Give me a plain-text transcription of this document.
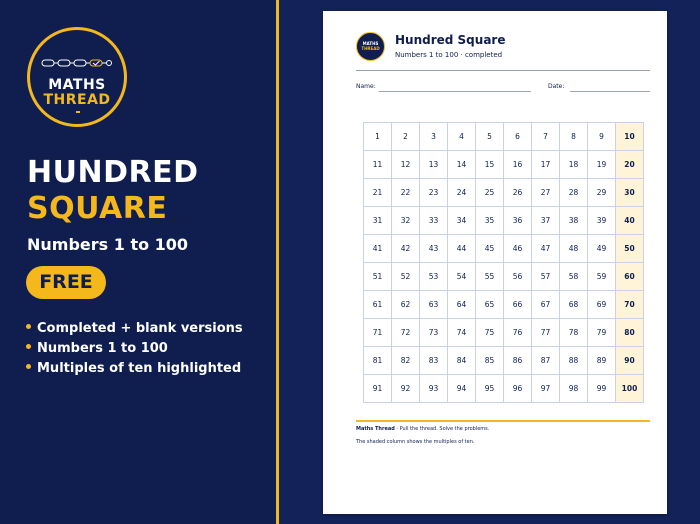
MATHS
THREAD
HUNDRED
SQUARE
Numbers 1 to 100
FREE
Completed + blank versions
Numbers 1 to 100
Multiples of ten highlighted
MATHS
THREAD
Hundred Square
Numbers 1 to 100 · completed
Name:	Date:
1	2	3	4	5	6	7	8	9	10
11	12	13	14	15	16	17	18	19	20
21	22	23	24	25	26	27	28	29	30
31	32	33	34	35	36	37	38	39	40
41	42	43	44	45	46	47	48	49	50
51	52	53	54	55	56	57	58	59	60
61	62	63	64	65	66	67	68	69	70
71	72	73	74	75	76	77	78	79	80
81	82	83	84	85	86	87	88	89	90
91	92	93	94	95	96	97	98	99	100
Maths Thread · Pull the thread. Solve the problems.
The shaded column shows the multiples of ten.
